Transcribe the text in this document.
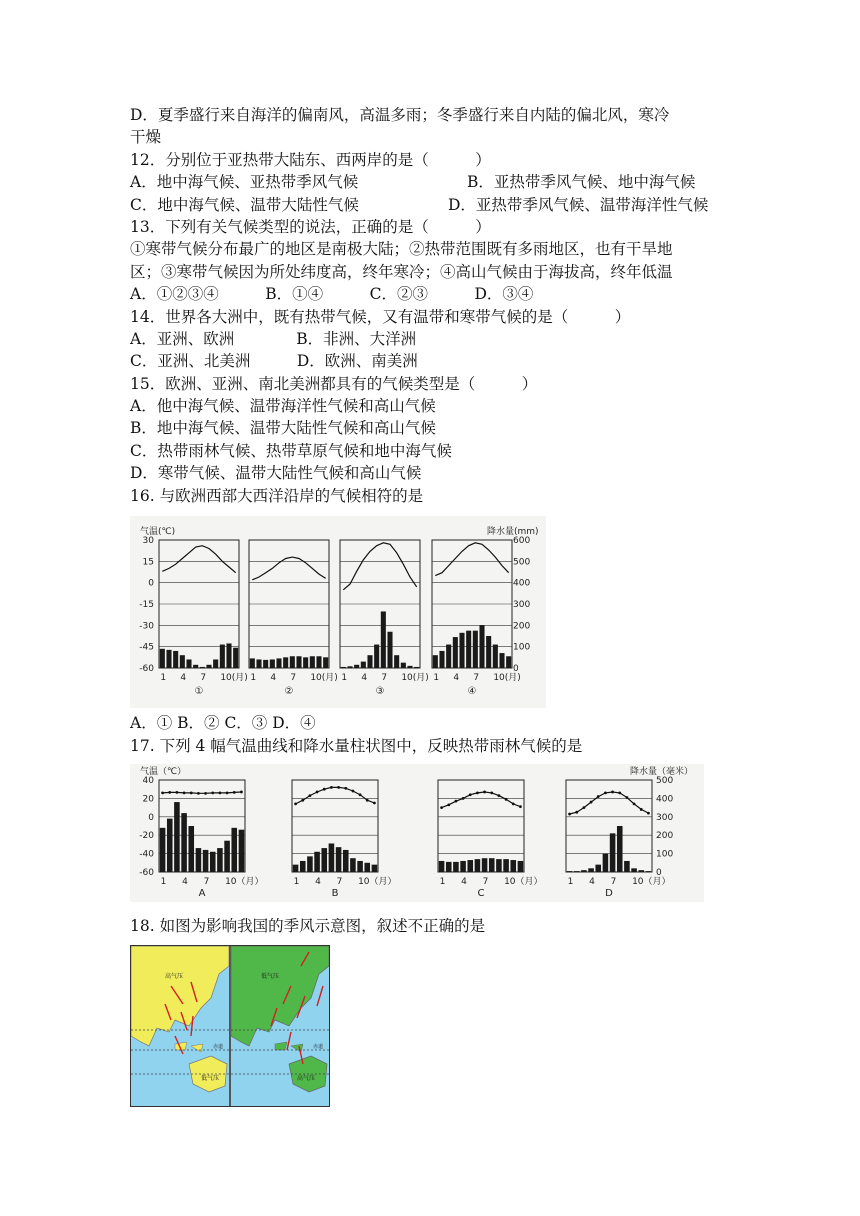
D．夏季盛行来自海洋的偏南风，高温多雨；冬季盛行来自内陆的偏北风，寒冷
干燥
12．分别位于亚热带大陆东、西两岸的是（　　　）
A．地中海气候、亚热带季风气候	B．亚热带季风气候、地中海气候
C．地中海气候、温带大陆性气候	D．亚热带季风气候、温带海洋性气候
13．下列有关气候类型的说法，正确的是（　　　）
①寒带气候分布最广的地区是南极大陆；②热带范围既有多雨地区，也有干旱地
区；③寒带气候因为所处纬度高，终年寒冷；④高山气候由于海拔高，终年低温
A．①②③④　　　B．①④　　　C．②③　　　D．③④
14．世界各大洲中，既有热带气候，又有温带和寒带气候的是（　　　）
A．亚洲、欧洲　　　　B．非洲、大洋洲
C．亚洲、北美洲　　　D．欧洲、南美洲
15．欧洲、亚洲、南北美洲都具有的气候类型是（　　　）
A．他中海气候、温带海洋性气候和高山气候
B．地中海气候、温带大陆性气候和高山气候
C．热带雨林气候、热带草原气候和地中海气候
D．寒带气候、温带大陆性气候和高山气候
16. 与欧洲西部大西洋沿岸的气候相符的是
气温(℃)	降水量(mm)
30
15
0
-15
-30
-45
-60
600
500
400
300
200
100
0
1 4 7 10(月)
①
1 4 7 10(月)
②
1 4 7 10(月)
③
1 4 7 10(月)
④
A．① B．② C．③ D．④
17. 下列 4 幅气温曲线和降水量柱状图中，反映热带雨林气候的是
气温（℃）	降水量（毫米）
40
20
0
-20
-40
-60
500
400
300
200
100
0
1 4 7 10（月）
A
1 4 7 10（月）
B
1 4 7 10（月）
C
1 4 7 10（月）
D
18. 如图为影响我国的季风示意图，叙述不正确的是
高气压
低气压
赤道
低气压
高气压
赤道
